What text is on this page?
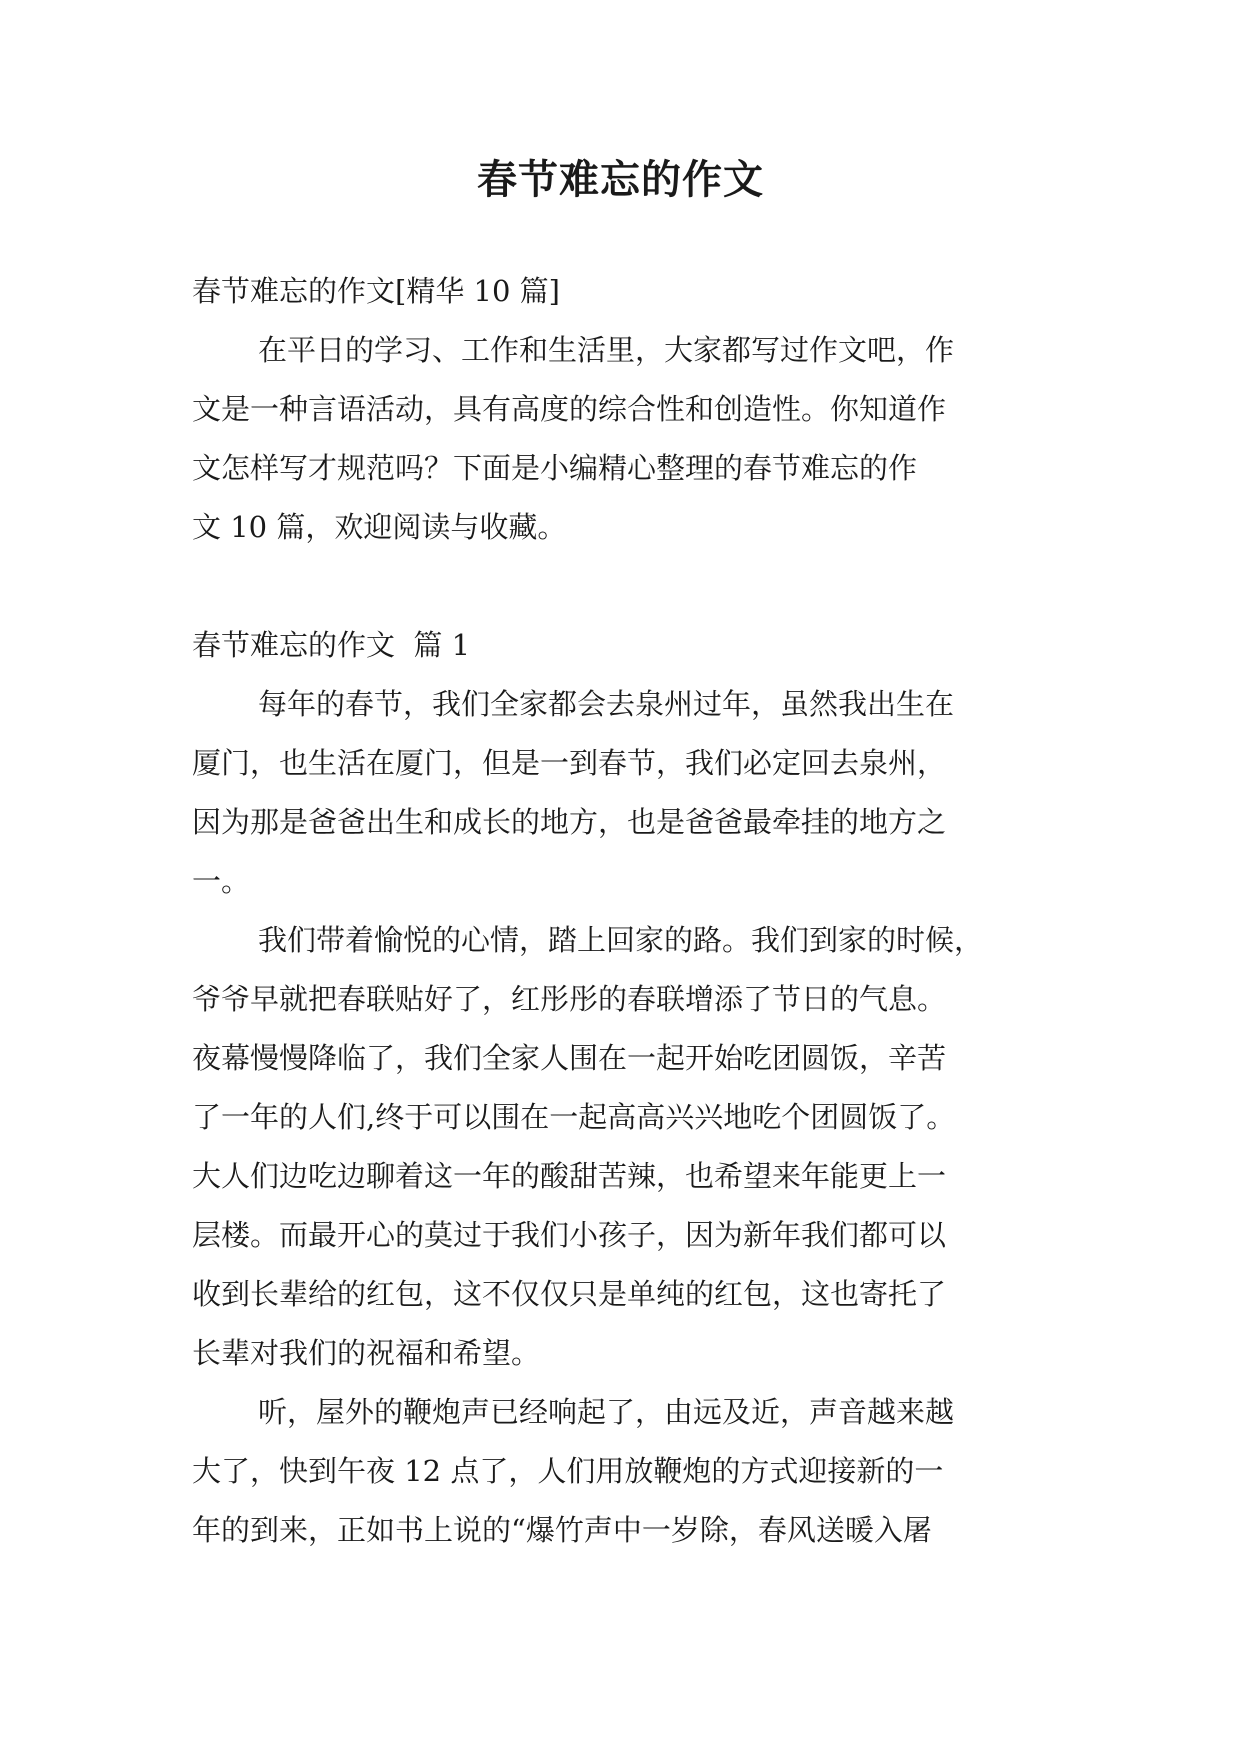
春节难忘的作文
春节难忘的作文[精华 10 篇]
在平日的学习、工作和生活里，大家都写过作文吧，作
文是一种言语活动，具有高度的综合性和创造性。你知道作
文怎样写才规范吗？下面是小编精心整理的春节难忘的作
文 10 篇，欢迎阅读与收藏。
春节难忘的作文  篇 1
每年的春节，我们全家都会去泉州过年，虽然我出生在
厦门，也生活在厦门，但是一到春节，我们必定回去泉州，
因为那是爸爸出生和成长的地方，也是爸爸最牵挂的地方之
一。
我们带着愉悦的心情，踏上回家的路。我们到家的时候，
爷爷早就把春联贴好了，红彤彤的春联增添了节日的气息。
夜幕慢慢降临了，我们全家人围在一起开始吃团圆饭，辛苦
了一年的人们,终于可以围在一起高高兴兴地吃个团圆饭了。
大人们边吃边聊着这一年的酸甜苦辣，也希望来年能更上一
层楼。而最开心的莫过于我们小孩子，因为新年我们都可以
收到长辈给的红包，这不仅仅只是单纯的红包，这也寄托了
长辈对我们的祝福和希望。
听，屋外的鞭炮声已经响起了，由远及近，声音越来越
大了，快到午夜 12 点了，人们用放鞭炮的方式迎接新的一
年的到来，正如书上说的“爆竹声中一岁除，春风送暖入屠
